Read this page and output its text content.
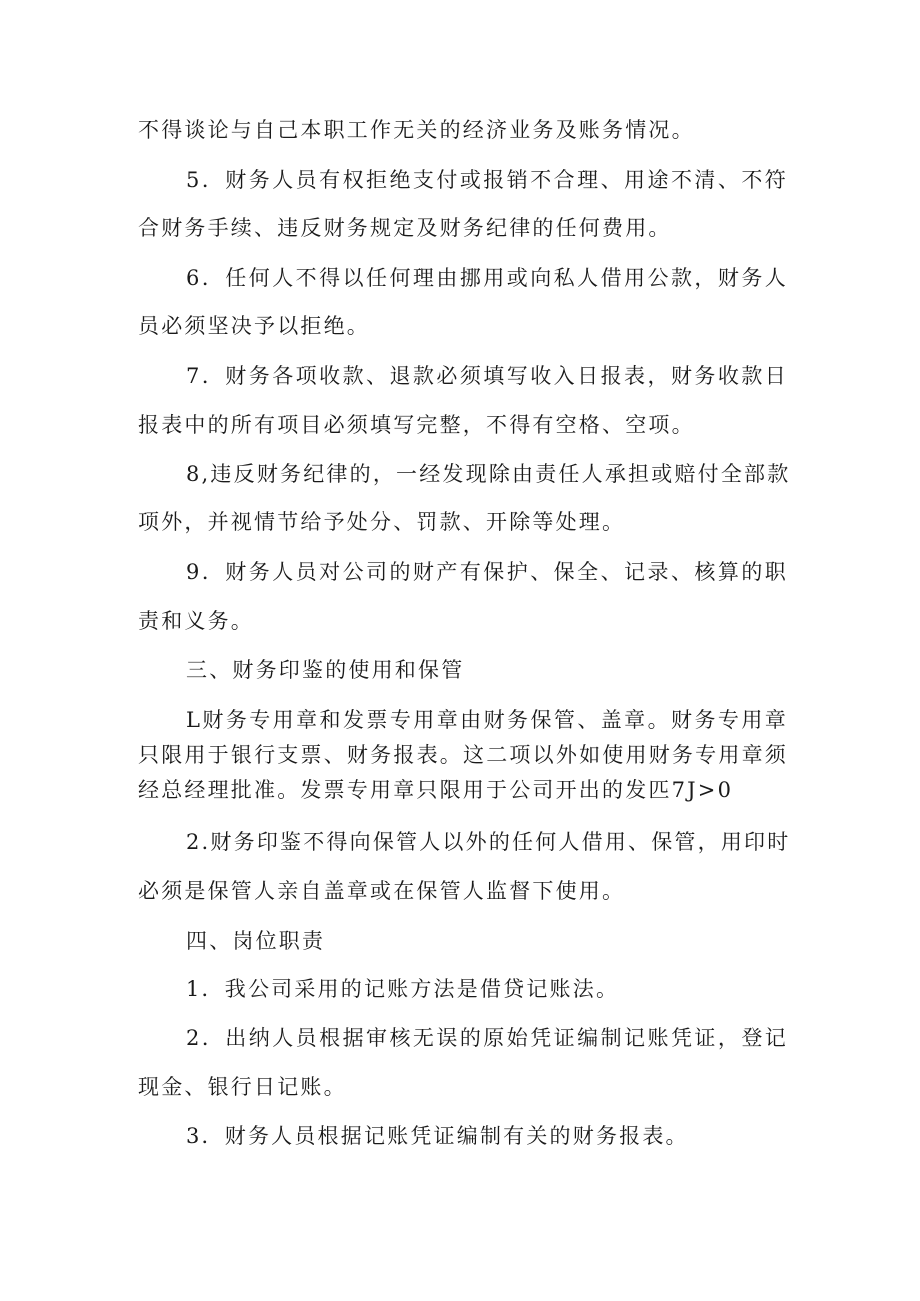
不得谈论与自己本职工作无关的经济业务及账务情况。
5．财务人员有权拒绝支付或报销不合理、用途不清、不符
合财务手续、违反财务规定及财务纪律的任何费用。
6．任何人不得以任何理由挪用或向私人借用公款，财务人
员必须坚决予以拒绝。
7．财务各项收款、退款必须填写收入日报表，财务收款日
报表中的所有项目必须填写完整，不得有空格、空项。
8,违反财务纪律的，一经发现除由责任人承担或赔付全部款
项外，并视情节给予处分、罚款、开除等处理。
9．财务人员对公司的财产有保护、保全、记录、核算的职
责和义务。
三、财务印鉴的使用和保管
L财务专用章和发票专用章由财务保管、盖章。财务专用章
只限用于银行支票、财务报表。这二项以外如使用财务专用章须
经总经理批准。发票专用章只限用于公司开出的发匹7J>0
2.财务印鉴不得向保管人以外的任何人借用、保管，用印时
必须是保管人亲自盖章或在保管人监督下使用。
四、岗位职责
1．我公司采用的记账方法是借贷记账法。
2．出纳人员根据审核无误的原始凭证编制记账凭证，登记
现金、银行日记账。
3．财务人员根据记账凭证编制有关的财务报表。
